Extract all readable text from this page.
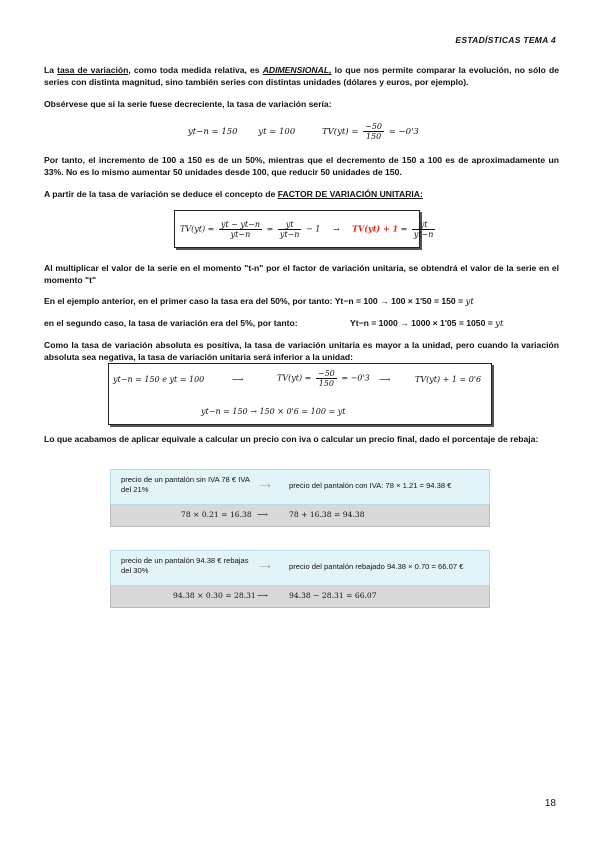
ESTADÍSTICAS TEMA 4
La tasa de variación, como toda medida relativa, es ADIMENSIONAL, lo que nos permite comparar la evolución, no sólo de series con distinta magnitud, sino también series con distintas unidades (dólares y euros, por ejemplo).
Obsérvese que si la serie fuese decreciente, la tasa de variación sería:
yt−n = 150 yt = 100	$TV(yt) = \frac{-50}{150} = -0'3$
Por tanto, el incremento de 100 a 150 es de un 50%, mientras que el decremento de 150 a 100 es de aproximadamente un 33%. No es lo mismo aumentar 50 unidades desde 100, que reducir 50 unidades de 150.
A partir de la tasa de variación se deduce el concepto de FACTOR DE VARIACIÓN UNITARIA:
$TV(yt) = \frac{yt - yt-n}{yt-n} = \frac{yt}{yt-n} - 1 \to TV(yt) + 1 = \frac{yt}{yt-n}$
Al multiplicar el valor de la serie en el momento "t-n" por el factor de variación unitaria, se obtendrá el valor de la serie en el momento "t"
En el ejemplo anterior, en el primer caso la tasa era del 50%, por tanto: Yt−n = 100 → 100 × 1'50 = 150 = yt
en el segundo caso, la tasa de variación era del 5%, por tanto:	Yt−n = 1000 → 1000 × 1'05 = 1050 = yt
Como la tasa de variación absoluta es positiva, la tasa de variación unitaria es mayor a la unidad, pero cuando la variación absoluta sea negativa, la tasa de variación unitaria será inferior a la unidad:
yt−n = 150 e yt = 100	⟶	$TV(yt) = \frac{-50}{150} = -0'3$ ⟶	TV(yt) + 1 = 0'6
yt−n = 150 → 150 × 0'6 = 100 = yt
Lo que acabamos de aplicar equivale a calcular un precio con iva o calcular un precio final, dado el porcentaje de rebaja:
precio de un pantalón sin IVA 78 € IVA del 21%	⟶ precio del pantalón con IVA: 78 × 1.21 = 94.38 €
78 × 0.21 = 16.38 ⟶	78 + 16.38 = 94.38
precio de un pantalón 94.38 € rebajas del 30%	⟶ precio del pantalón rebajado 94.38 × 0.70 = 66.07 €
94.38 × 0.30 = 28.31 ⟶	94.38 − 28.31 = 66.07
18
